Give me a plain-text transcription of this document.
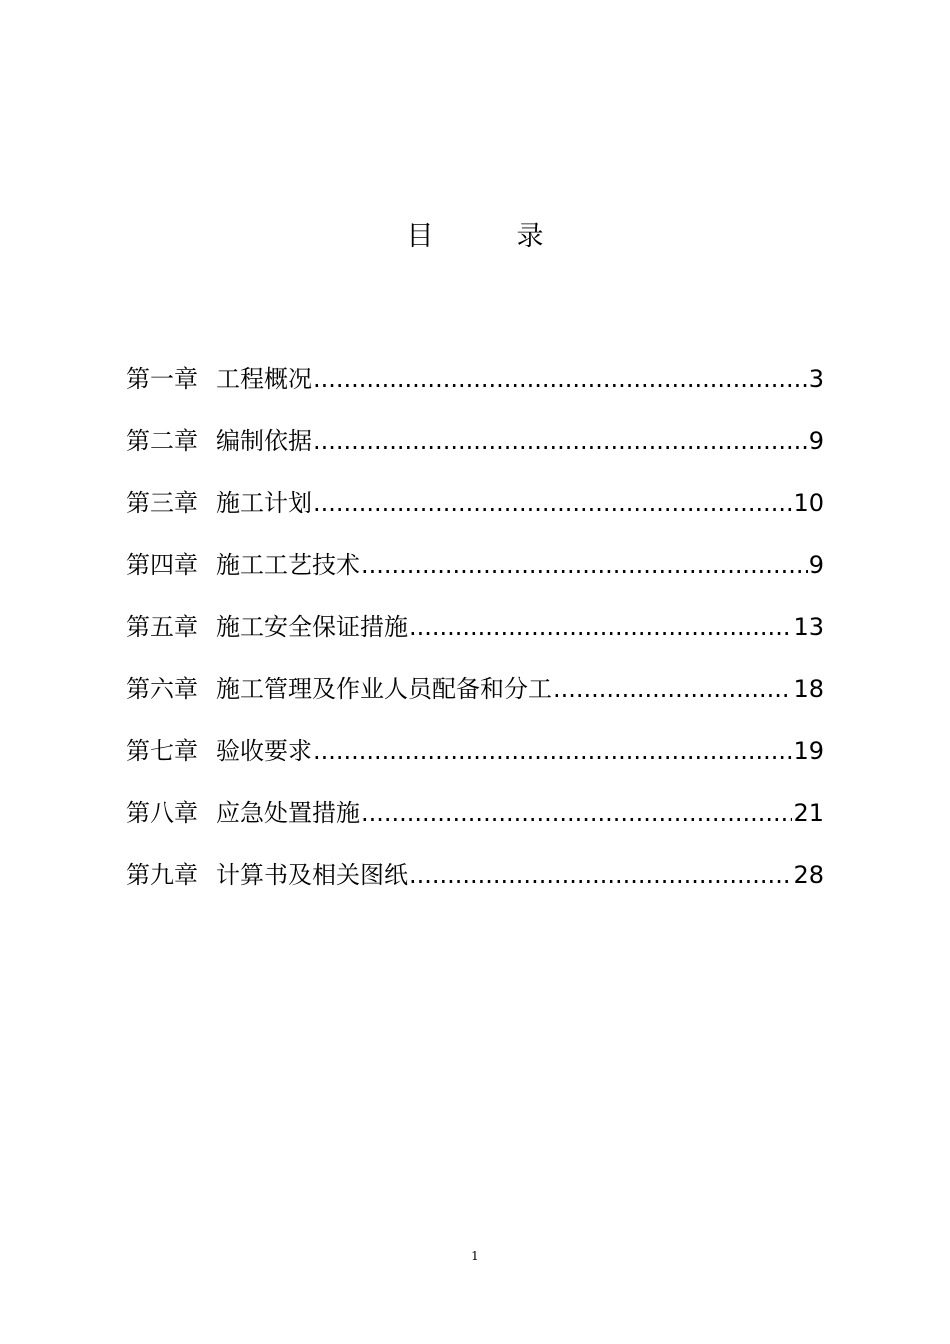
目　录
第一章 工程概况 .....	3
第二章 编制依据 .....	9
第三章 施工计划 .....	10
第四章 施工工艺技术 .....	9
第五章 施工安全保证措施 .....	13
第六章 施工管理及作业人员配备和分工 .....	18
第七章 验收要求 .....	19
第八章 应急处置措施 .....	21
第九章 计算书及相关图纸 .....	28
1
